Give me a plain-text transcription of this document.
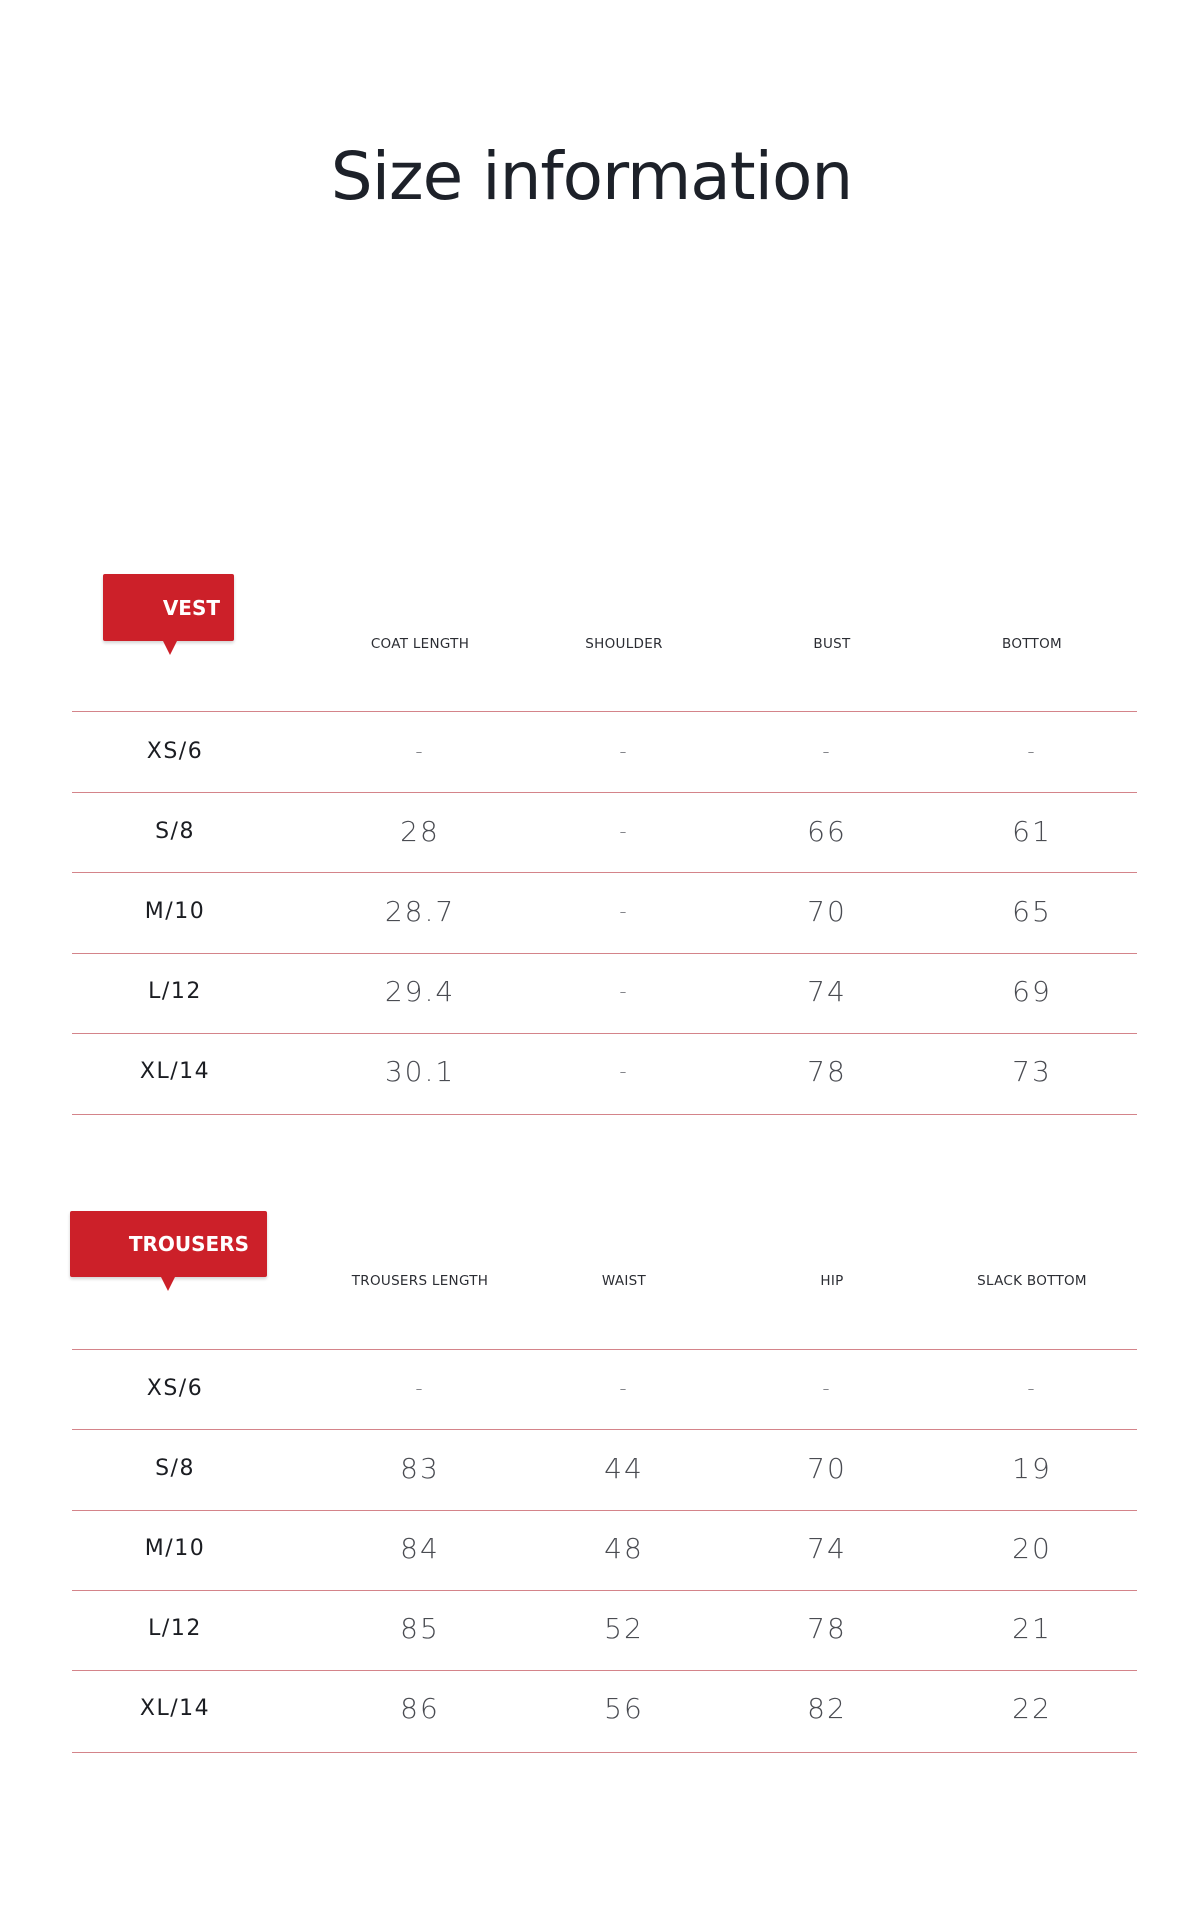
Size information
VEST
COAT LENGTH	SHOULDER	BUST	BOTTOM
XS/6	-	-	-	-
S/8	28	-	66	61
M/10	28.7	-	70	65
L/12	29.4	-	74	69
XL/14	30.1	-	78	73
TROUSERS
TROUSERS LENGTH	WAIST	HIP	SLACK BOTTOM
XS/6	-	-	-	-
S/8	83	44	70	19
M/10	84	48	74	20
L/12	85	52	78	21
XL/14	86	56	82	22
